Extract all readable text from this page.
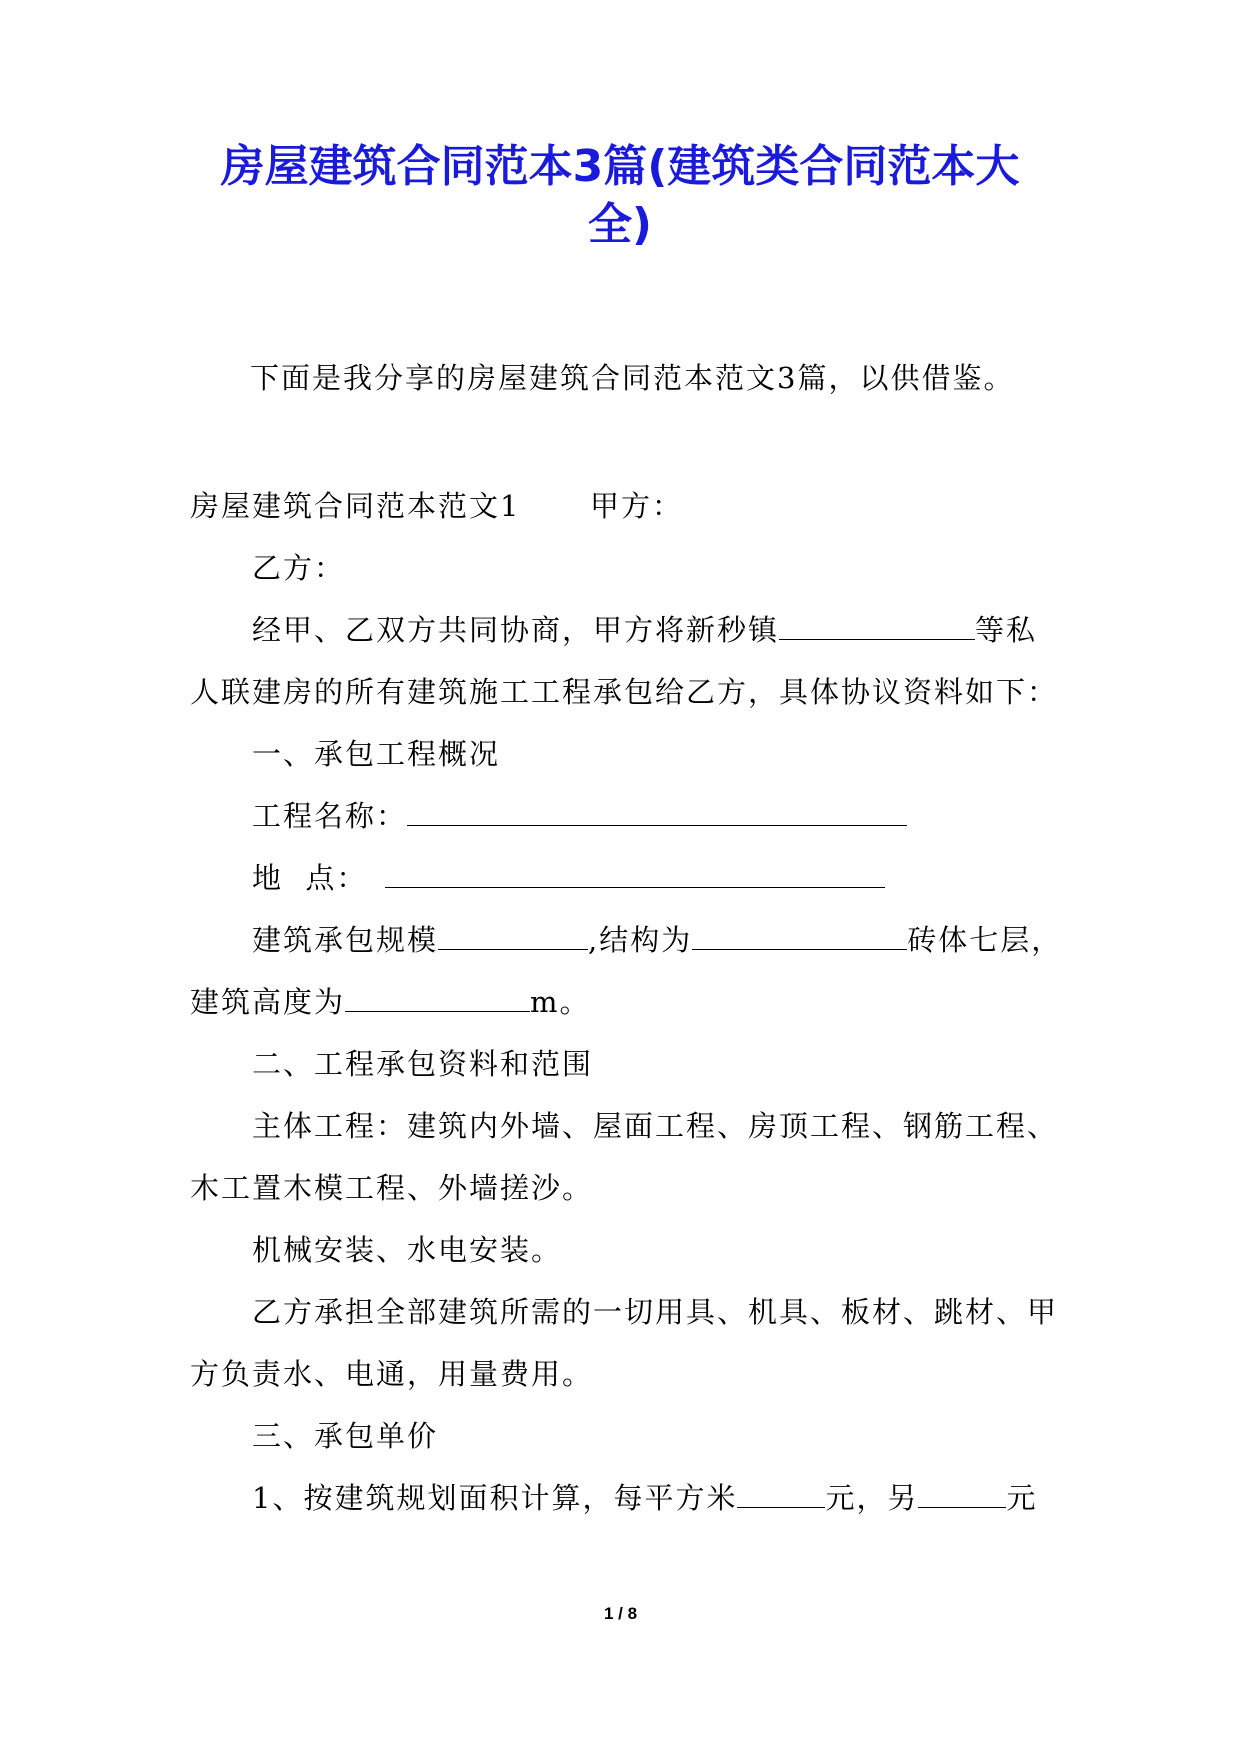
房屋建筑合同范本3篇(建筑类合同范本大
全)
下面是我分享的房屋建筑合同范本范文3篇，以供借鉴。
房屋建筑合同范本范文1 甲方：
乙方：
经甲、乙双方共同协商，甲方将新秒镇	等私
人联建房的所有建筑施工工程承包给乙方，具体协议资料如下：
一、承包工程概况
工程名称：
地  点：
建筑承包规模	,结构为	砖体七层，
建筑高度为	m。
二、工程承包资料和范围
主体工程：建筑内外墙、屋面工程、房顶工程、钢筋工程、
木工置木模工程、外墙搓沙。
机械安装、水电安装。
乙方承担全部建筑所需的一切用具、机具、板材、跳材、甲
方负责水、电通，用量费用。
三、承包单价
1、按建筑规划面积计算，每平方米	元，另	元
1 / 8
